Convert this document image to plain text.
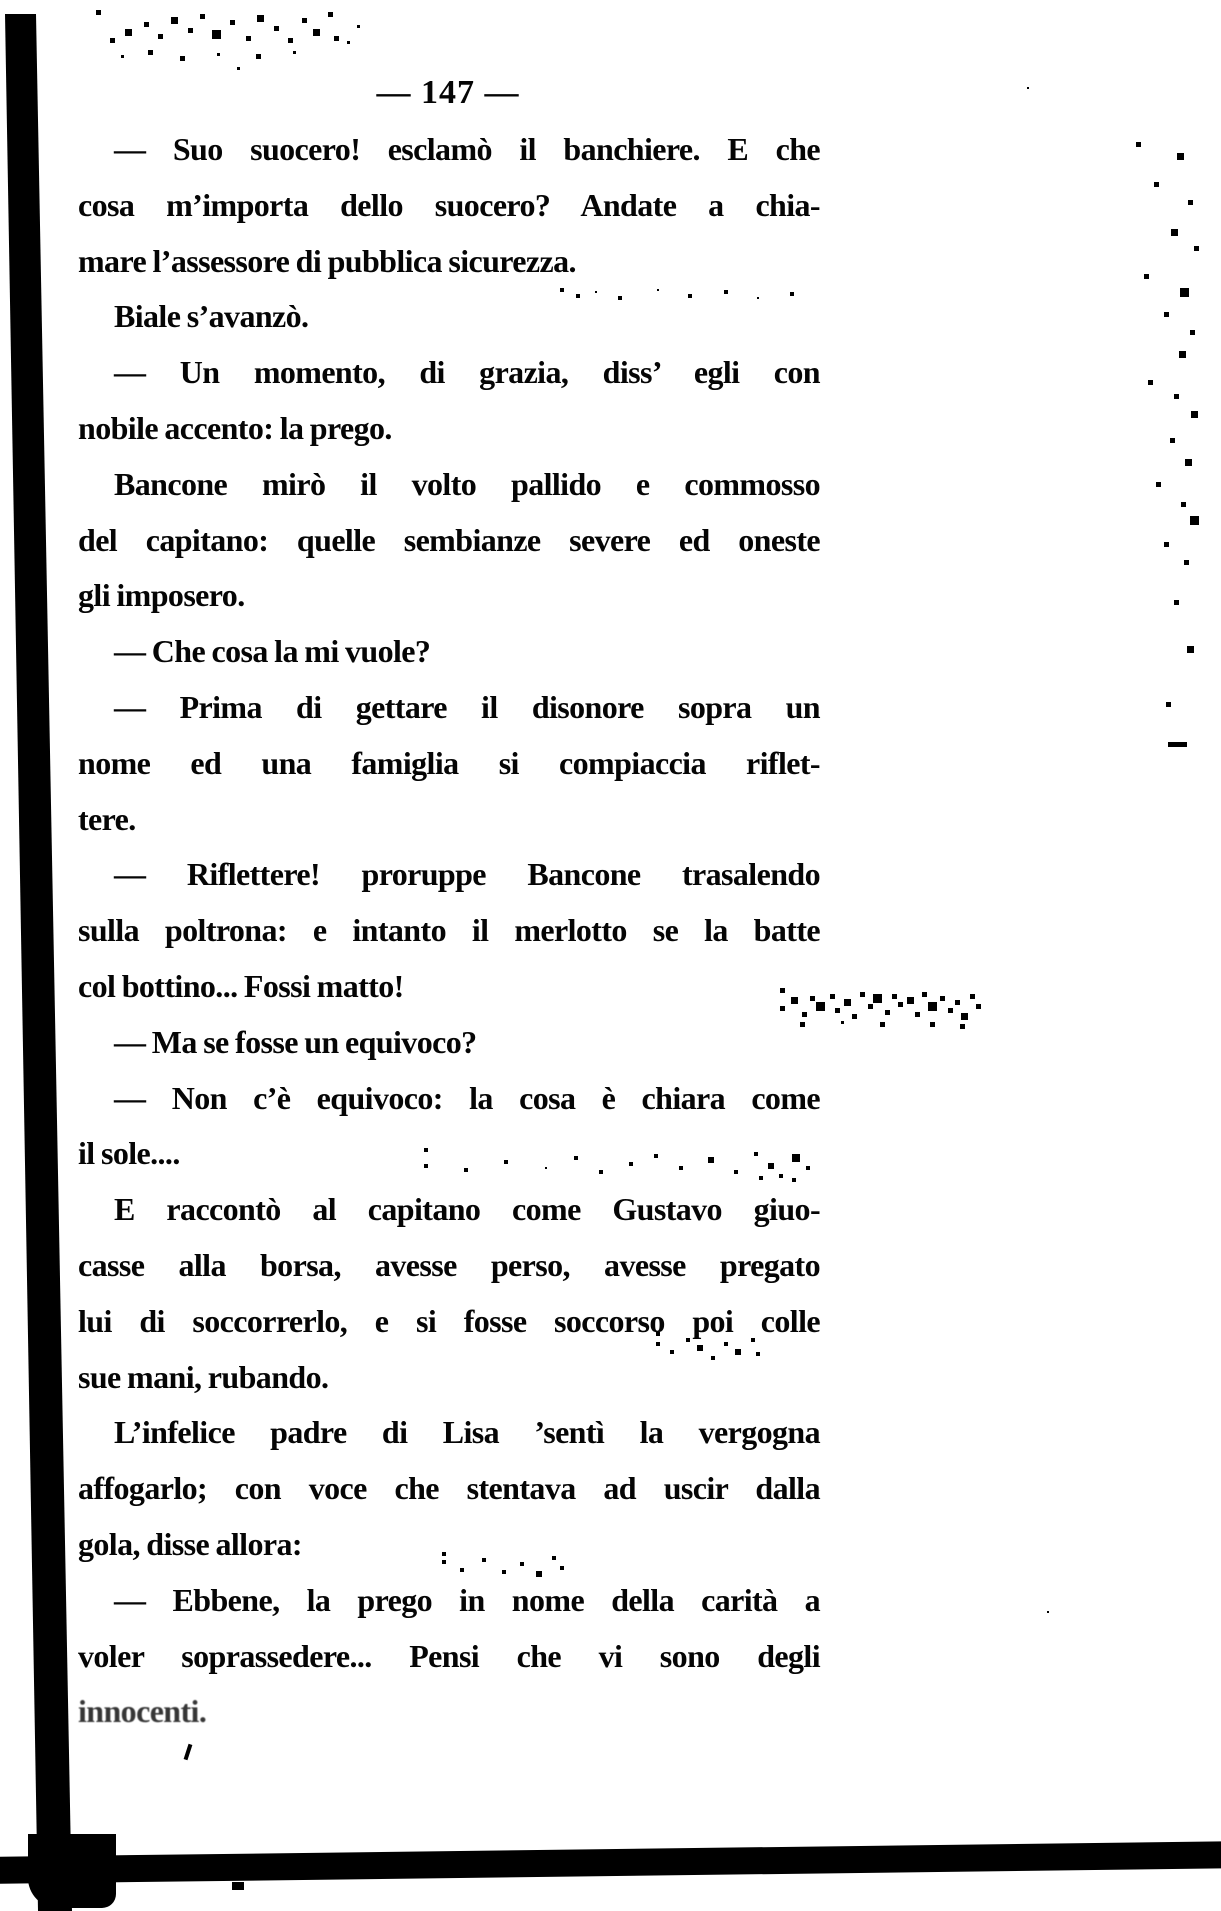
— 147 —
— Suo suocero! esclamò il banchiere. E che
cosa m’importa dello suocero? Andate a chia-
mare l’assessore di pubblica sicurezza.
Biale s’avanzò.
— Un momento, di grazia, diss’ egli con
nobile accento: la prego.
Bancone mirò il volto pallido e commosso
del capitano: quelle sembianze severe ed oneste
gli imposero.
— Che cosa la mi vuole?
— Prima di gettare il disonore sopra un
nome ed una famiglia si compiaccia riflet-
tere.
— Riflettere! proruppe Bancone trasalendo
sulla poltrona: e intanto il merlotto se la batte
col bottino... Fossi matto!
— Ma se fosse un equivoco?
— Non c’è equivoco: la cosa è chiara come
il sole....
E raccontò al capitano come Gustavo giuo-
casse alla borsa, avesse perso, avesse pregato
lui di soccorrerlo, e si fosse soccorso poi colle
sue mani, rubando.
L’infelice padre di Lisa ’sentì la vergogna
affogarlo; con voce che stentava ad uscir dalla
gola, disse allora:
— Ebbene, la prego in nome della carità a
voler soprassedere... Pensi che vi sono degli
innocenti.
